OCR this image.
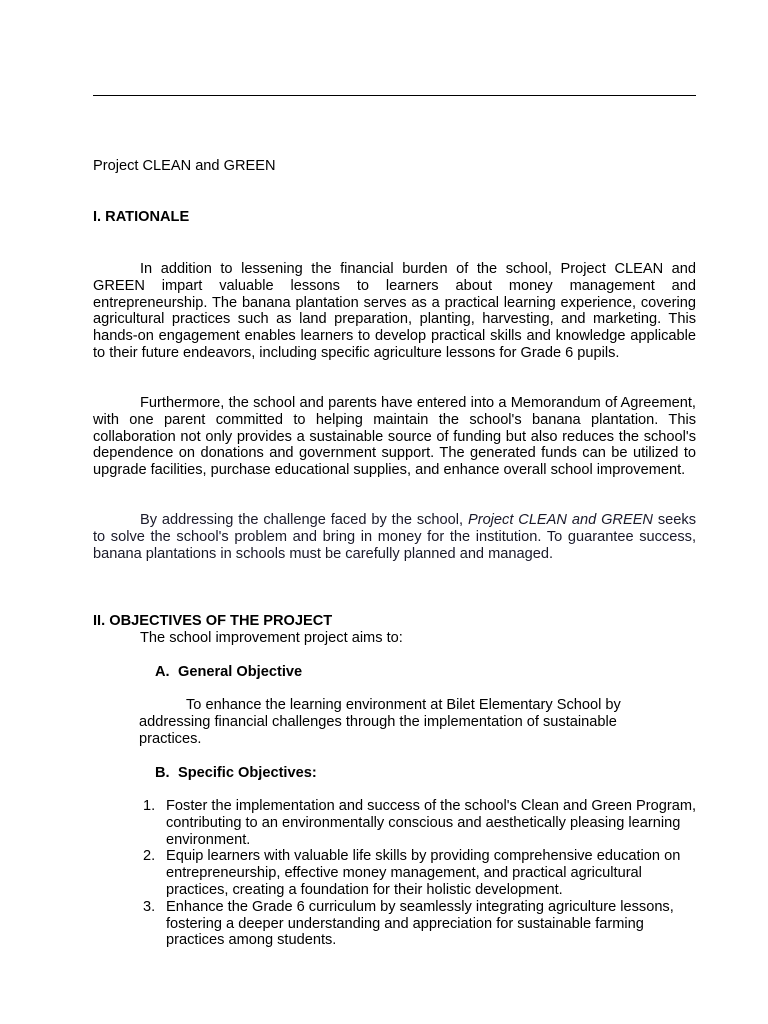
Project CLEAN and GREEN

I. RATIONALE

In addition to lessening the financial burden of the school, Project CLEAN and GREEN impart valuable lessons to learners about money management and entrepreneurship. The banana plantation serves as a practical learning experience, covering agricultural practices such as land preparation, planting, harvesting, and marketing. This hands-on engagement enables learners to develop practical skills and knowledge applicable to their future endeavors, including specific agriculture lessons for Grade 6 pupils.

Furthermore, the school and parents have entered into a Memorandum of Agreement, with one parent committed to helping maintain the school's banana plantation. This collaboration not only provides a sustainable source of funding but also reduces the school's dependence on donations and government support. The generated funds can be utilized to upgrade facilities, purchase educational supplies, and enhance overall school improvement.

By addressing the challenge faced by the school, Project CLEAN and GREEN seeks to solve the school's problem and bring in money for the institution. To guarantee success, banana plantations in schools must be carefully planned and managed.

II. OBJECTIVES OF THE PROJECT

The school improvement project aims to:

A. General Objective

To enhance the learning environment at Bilet Elementary School by addressing financial challenges through the implementation of sustainable practices.

B. Specific Objectives:

1. Foster the implementation and success of the school's Clean and Green Program, contributing to an environmentally conscious and aesthetically pleasing learning environment.
2. Equip learners with valuable life skills by providing comprehensive education on entrepreneurship, effective money management, and practical agricultural practices, creating a foundation for their holistic development.
3. Enhance the Grade 6 curriculum by seamlessly integrating agriculture lessons, fostering a deeper understanding and appreciation for sustainable farming practices among students.
